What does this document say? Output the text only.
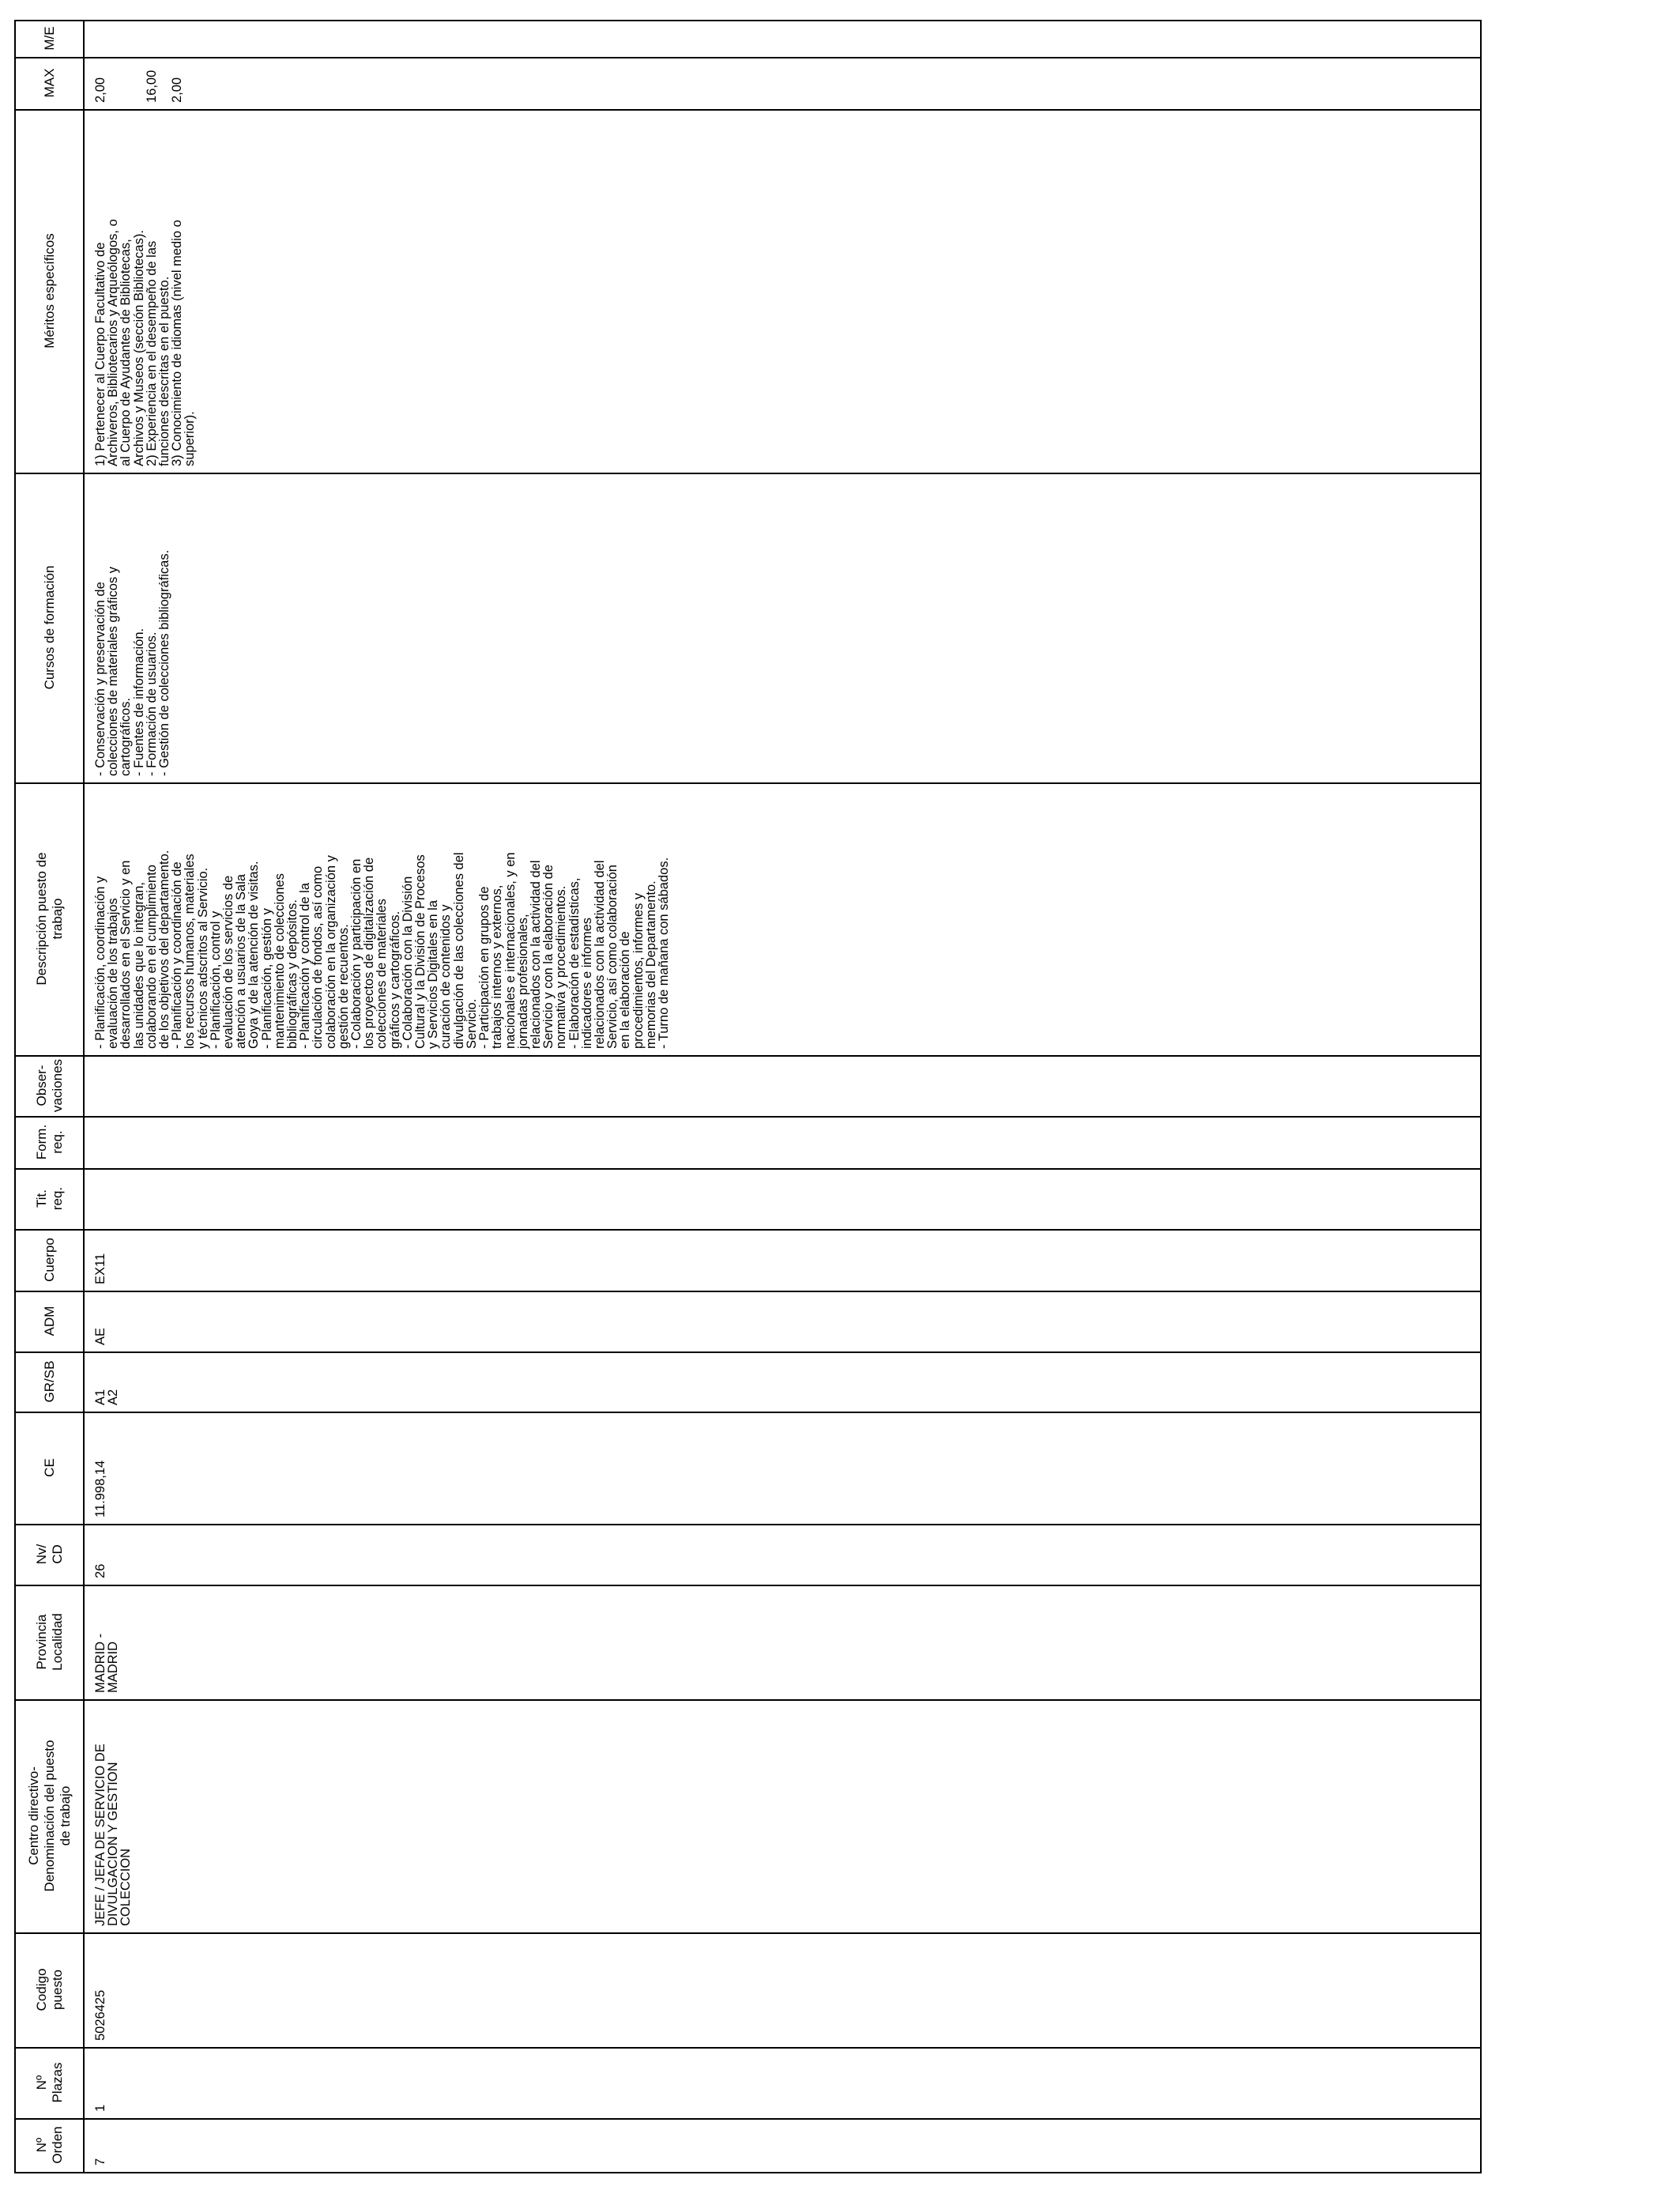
Nº Orden
Nº Plazas
Codigo puesto
Centro directivo- Denominación del puesto de trabajo
Provincia Localidad
Nv/ CD
CE
GR/SB
ADM
Cuerpo
Tit. req.
Form. req.
Obser- vaciones
Descripción puesto de trabajo
Cursos de formación
Méritos específicos
MAX
M/E
7
1
5026425
JEFE / JEFA DE SERVICIO DE
DIVULGACION Y GESTION
COLECCION
MADRID -
MADRID
26
11.998,14
A1
A2
AE
EX11
- Planificación, coordinación y
evaluación de los trabajos
desarrollados en el Servicio y en
las unidades que lo integran,
colaborando en el cumplimiento
de los objetivos del departamento.
- Planificación y coordinación de
los recursos humanos, materiales
y técnicos adscritos al Servicio.
- Planificación, control y
evaluación de los servicios de
atención a usuarios de la Sala
Goya y de la atención de visitas.
- Planificación, gestión y
mantenimiento de colecciones
bibliográficas y depósitos.
- Planificación y control de la
circulación de fondos, así como
colaboración en la organización y
gestión de recuentos.
- Colaboración y participación en
los proyectos de digitalización de
colecciones de materiales
gráficos y cartográficos.
- Colaboración con la División
Cultural y la División de Procesos
y Servicios Digitales en la
curación de contenidos y
divulgación de las colecciones del
Servicio.
- Participación en grupos de
trabajos internos y externos,
nacionales e internacionales, y en
jornadas profesionales,
relacionados con la actividad del
Servicio y con la elaboración de
normativa y procedimientos.
- Elaboración de estadísticas,
indicadores e informes
relacionados con la actividad del
Servicio, así como colaboración
en la elaboración de
procedimientos, informes y
memorias del Departamento.
- Turno de mañana con sábados.
- Conservación y preservación de
colecciones de materiales gráficos y
cartográficos.
- Fuentes de información.
- Formación de usuarios.
- Gestión de colecciones bibliográficas.
1) Pertenecer al Cuerpo Facultativo de
Archiveros, Bibliotecarios y Arqueólogos, o
al Cuerpo de Ayudantes de Bibliotecas,
Archivos y Museos (sección Bibliotecas).
2) Experiencia en el desempeño de las
funciones descritas en el puesto.
3) Conocimiento de idiomas (nivel medio o
superior).
2,00

	16,00
2,00
